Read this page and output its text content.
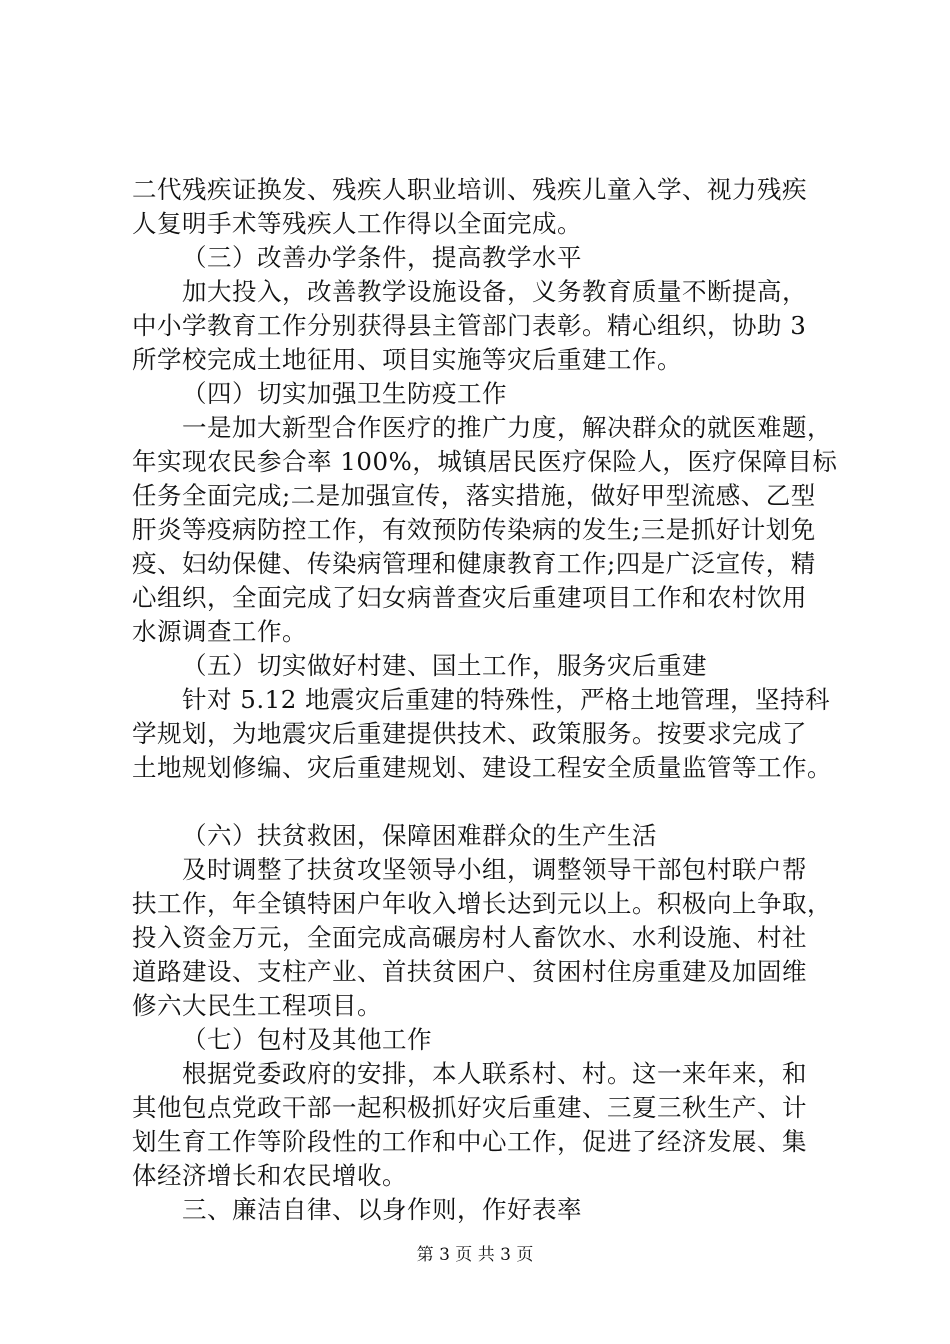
二代残疾证换发、残疾人职业培训、残疾儿童入学、视力残疾
人复明手术等残疾人工作得以全面完成。
（三）改善办学条件，提高教学水平
加大投入，改善教学设施设备，义务教育质量不断提高，
中小学教育工作分别获得县主管部门表彰。精心组织，协助 3
所学校完成土地征用、项目实施等灾后重建工作。
（四）切实加强卫生防疫工作
一是加大新型合作医疗的推广力度，解决群众的就医难题，
年实现农民参合率 100%，城镇居民医疗保险人，医疗保障目标
任务全面完成;二是加强宣传，落实措施，做好甲型流感、乙型
肝炎等疫病防控工作，有效预防传染病的发生;三是抓好计划免
疫、妇幼保健、传染病管理和健康教育工作;四是广泛宣传，精
心组织，全面完成了妇女病普查灾后重建项目工作和农村饮用
水源调查工作。
（五）切实做好村建、国土工作，服务灾后重建
针对 5.12 地震灾后重建的特殊性，严格土地管理，坚持科
学规划，为地震灾后重建提供技术、政策服务。按要求完成了
土地规划修编、灾后重建规划、建设工程安全质量监管等工作。
（六）扶贫救困，保障困难群众的生产生活
及时调整了扶贫攻坚领导小组，调整领导干部包村联户帮
扶工作，年全镇特困户年收入增长达到元以上。积极向上争取，
投入资金万元，全面完成高碾房村人畜饮水、水利设施、村社
道路建设、支柱产业、首扶贫困户、贫困村住房重建及加固维
修六大民生工程项目。
（七）包村及其他工作
根据党委政府的安排，本人联系村、村。这一来年来，和
其他包点党政干部一起积极抓好灾后重建、三夏三秋生产、计
划生育工作等阶段性的工作和中心工作，促进了经济发展、集
体经济增长和农民增收。
三、廉洁自律、以身作则，作好表率
第 3 页 共 3 页
